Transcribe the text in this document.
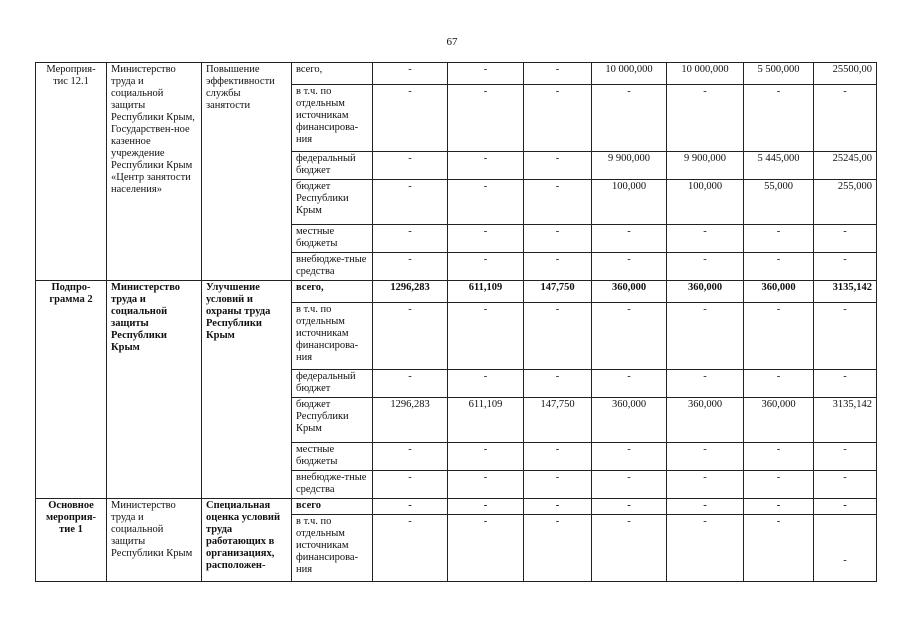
67
Мероприя-тис 12.1	Министерство труда и социальной защиты Республики Крым, Государствен-ное казенное учреждение Республики Крым «Центр занятости населения»	Повышение эффективности службы занятости	всего,	-	-	-	10 000,000	10 000,000	5 500,000	25500,00
			в т.ч. по отдельным источникам финансирова-ния	-	-	-	-	-	-	-
			федеральный бюджет	-	-	-	9 900,000	9 900,000	5 445,000	25245,00
			бюджет Республики Крым	-	-	-	100,000	100,000	55,000	255,000
			местные бюджеты	-	-	-	-	-	-	-
			внебюдже-тные средства	-	-	-	-	-	-	-
Подпро-грамма 2	Министерство труда и социальной защиты Республики Крым	Улучшение условий и охраны труда Республики Крым	всего,	1296,283	611,109	147,750	360,000	360,000	360,000	3135,142
			в т.ч. по отдельным источникам финансирова-ния	-	-	-	-	-	-	-
			федеральный бюджет	-	-	-	-	-	-	-
			бюджет Республики Крым	1296,283	611,109	147,750	360,000	360,000	360,000	3135,142
			местные бюджеты	-	-	-	-	-	-	-
			внебюдже-тные средства	-	-	-	-	-	-	-
Основное мероприя-тие 1	Министерство труда и социальной защиты Республики Крым	Специальная оценка условий труда работающих в организациях, расположен-	всего	-	-	-	-	-	-	-
			в т.ч. по отдельным источникам финансирова-ния	-	-	-	-	-	-	-
